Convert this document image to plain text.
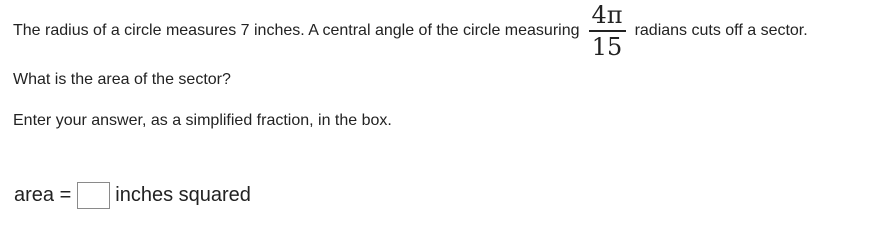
The radius of a circle measures 7 inches. A central angle of the circle measuring $\frac{4\pi}{15}$ radians cuts off a sector.
What is the area of the sector?
Enter your answer, as a simplified fraction, in the box.
area = inches squared
